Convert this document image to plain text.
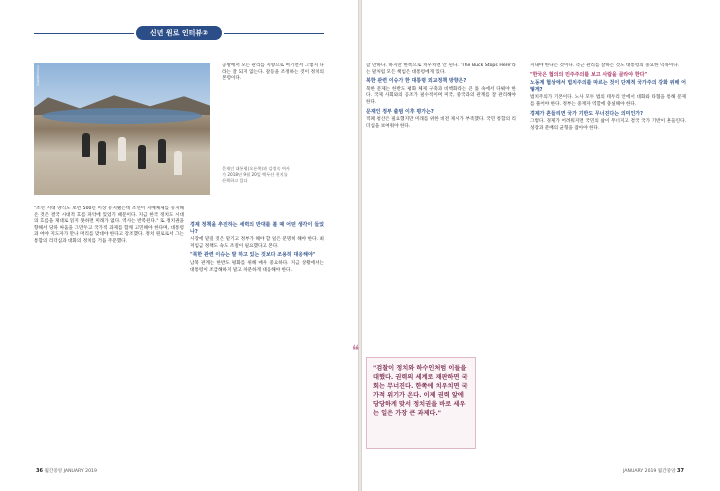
신년 원로 인터뷰②
사진공동취재단
문재인 대통령(오른쪽)과 김정숙 여사가 2018년 9월 20일 백두산 천지를 산책하고 있다
"조선 시대 양식도 보면 500년 이상 유지됐는데 조선이 지배체제를 유지해 온 것은 결국 시대적 흐름 파악에 있었기 때문이다. 지금 한국 정치도 시대의 흐름을 제대로 읽지 못하면 미래가 없다. 역사는 반복된다." 또 정치권을 향해서 당파 싸움을 그만두고 국가적 과제를 함께 고민해야 한다며, 대통령과 여야 지도자가 만나 머리를 맞대야 한다고 강조했다. 정치 원로로서 그는 통합의 리더십과 대화의 정치를 거듭 주문했다.
공방에서 모든 관리를 지향으로 여기면서 그렇지 나라는 잘 되지 않는다. 갈등을 조정하는 것이 정치의 본령이다.
경제 정책을 추진하는 세력의 반대를 볼 때 어떤 생각이 들었나?
시장에 맡길 것은 맡기고 정부가 해야 할 일은 분명히 해야 한다. 최저임금 정책도 속도 조절이 필요했다고 본다.
"북한 관련 이슈는 말 하고 있는 것보다 조용히 대응해야"
남북 관계는 한반도 평화를 위해 매우 중요하다. 지금 상황에서는 대통령이 조급해하지 말고 차분하게 대응해야 한다.
36 월간중앙 JANUARY 2019	JANUARY 2019 월간중앙 37
할 만하다. 하지만 한쪽으로 치우치면 안 된다. 'The Buck Stops Here'라는 말처럼 모든 책임은 대통령에게 있다.
북한 관련 이슈가 한 대통령 외교정책 방향은?
북한 문제는 한반도 평화 체제 구축과 비핵화라는 큰 틀 속에서 다뤄야 한다. 국제 사회와의 공조가 필수적이며 미국, 중국과의 관계를 잘 관리해야 한다.
문재인 정부 출범 이후 평가는?
적폐 청산은 필요했지만 미래를 위한 비전 제시가 부족했다. 국민 통합의 리더십을 보여줘야 한다.
❝
"검찰이 정치와 하수인처럼 이들을 대했다. 권력의 세계로 재판하면 국회는 무너진다. 한쪽에 치우치면 국가적 위기가 온다. 이제 권력 앞에 당당하게 맞서 정치권을 바로 세우는 일은 가장 큰 과제다."
지내야 한다는 것이다. 측근 관리를 잘하는 것도 대통령의 중요한 덕목이다.
"한국은 협의의 민주주의를 보고 사람을 골라야 한다"
노동계 협상에서 법치주의를 따르는 것이 단계적 국가주의 강화 위해 어떻게?
법치주의가 기본이다. 노사 모두 법의 테두리 안에서 대화와 타협을 통해 문제를 풀어야 한다. 정부는 중재자 역할에 충실해야 한다.
경제가 흔들리면 국가 기반도 무너진다는 의미인가?
그렇다. 경제가 어려워지면 국민의 삶이 무너지고 결국 국가 기반이 흔들린다. 성장과 분배의 균형을 잡아야 한다.
